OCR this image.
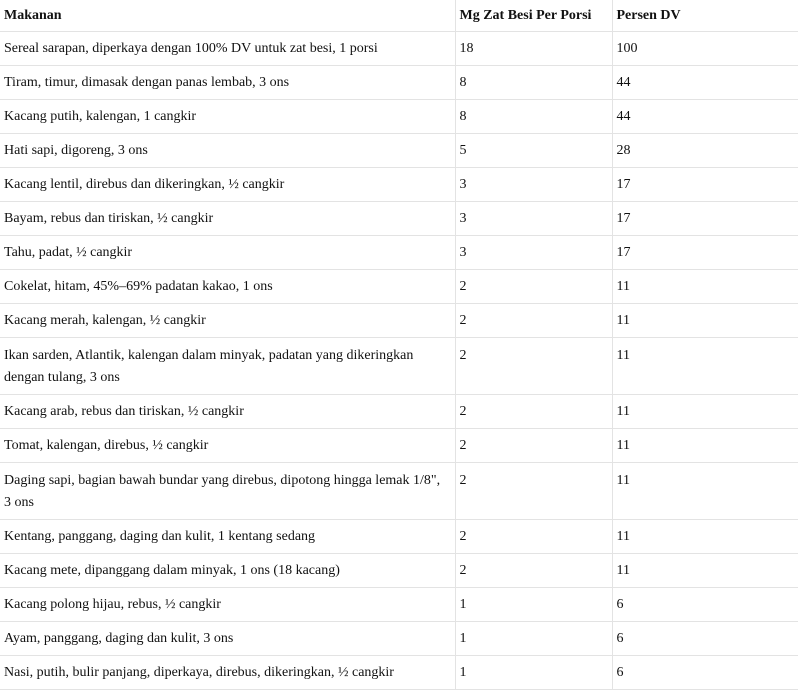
Makanan	Mg Zat Besi Per Porsi	Persen DV
Sereal sarapan, diperkaya dengan 100% DV untuk zat besi, 1 porsi	18	100
Tiram, timur, dimasak dengan panas lembab, 3 ons	8	44
Kacang putih, kalengan, 1 cangkir	8	44
Hati sapi, digoreng, 3 ons	5	28
Kacang lentil, direbus dan dikeringkan, ½ cangkir	3	17
Bayam, rebus dan tiriskan, ½ cangkir	3	17
Tahu, padat, ½ cangkir	3	17
Cokelat, hitam, 45%–69% padatan kakao, 1 ons	2	11
Kacang merah, kalengan, ½ cangkir	2	11
Ikan sarden, Atlantik, kalengan dalam minyak, padatan yang dikeringkan dengan tulang, 3 ons	2	11
Kacang arab, rebus dan tiriskan, ½ cangkir	2	11
Tomat, kalengan, direbus, ½ cangkir	2	11
Daging sapi, bagian bawah bundar yang direbus, dipotong hingga lemak 1/8", 3 ons	2	11
Kentang, panggang, daging dan kulit, 1 kentang sedang	2	11
Kacang mete, dipanggang dalam minyak, 1 ons (18 kacang)	2	11
Kacang polong hijau, rebus, ½ cangkir	1	6
Ayam, panggang, daging dan kulit, 3 ons	1	6
Nasi, putih, bulir panjang, diperkaya, direbus, dikeringkan, ½ cangkir	1	6
